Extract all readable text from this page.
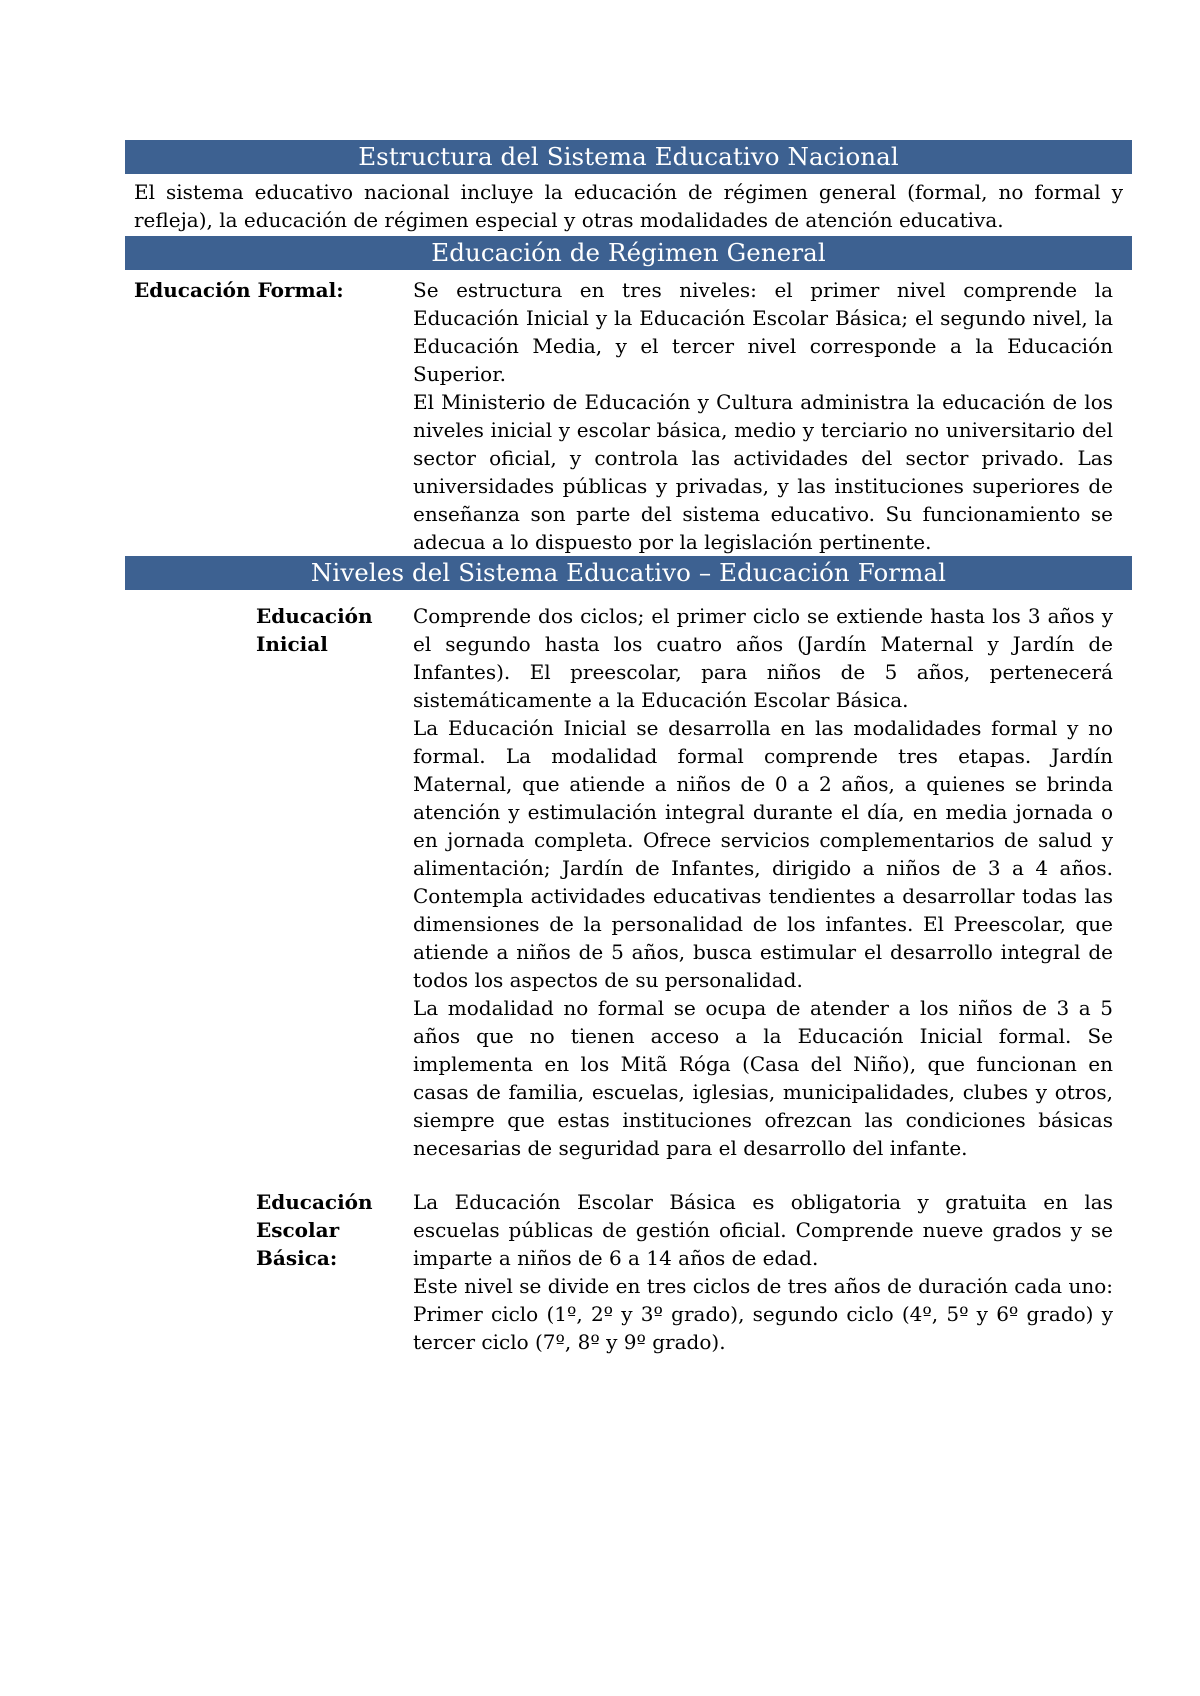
Estructura del Sistema Educativo Nacional

El sistema educativo nacional incluye la educación de régimen general (formal, no formal y refleja), la educación de régimen especial y otras modalidades de atención educativa.

Educación de Régimen General
Educación Formal:	Se estructura en tres niveles: el primer nivel comprende la Educación Inicial y la Educación Escolar Básica; el segundo nivel, la Educación Media, y el tercer nivel corresponde a la Educación Superior.

El Ministerio de Educación y Cultura administra la educación de los niveles inicial y escolar básica, medio y terciario no universitario del sector oficial, y controla las actividades del sector privado. Las universidades públicas y privadas, y las instituciones superiores de enseñanza son parte del sistema educativo. Su funcionamiento se adecua a lo dispuesto por la legislación pertinente.

Niveles del Sistema Educativo – Educación Formal
Educación Inicial

Comprende dos ciclos; el primer ciclo se extiende hasta los 3 años y el segundo hasta los cuatro años (Jardín Maternal y Jardín de Infantes). El preescolar, para niños de 5 años, pertenecerá sistemáticamente a la Educación Escolar Básica.

La Educación Inicial se desarrolla en las modalidades formal y no formal. La modalidad formal comprende tres etapas. Jardín Maternal, que atiende a niños de 0 a 2 años, a quienes se brinda atención y estimulación integral durante el día, en media jornada o en jornada completa. Ofrece servicios complementarios de salud y alimentación; Jardín de Infantes, dirigido a niños de 3 a 4 años. Contempla actividades educativas tendientes a desarrollar todas las dimensiones de la personalidad de los infantes. El Preescolar, que atiende a niños de 5 años, busca estimular el desarrollo integral de todos los aspectos de su personalidad.

La modalidad no formal se ocupa de atender a los niños de 3 a 5 años que no tienen acceso a la Educación Inicial formal. Se implementa en los Mitã Róga (Casa del Niño), que funcionan en casas de familia, escuelas, iglesias, municipalidades, clubes y otros, siempre que estas instituciones ofrezcan las condiciones básicas necesarias de seguridad para el desarrollo del infante.

Educación Escolar Básica:

La Educación Escolar Básica es obligatoria y gratuita en las escuelas públicas de gestión oficial. Comprende nueve grados y se imparte a niños de 6 a 14 años de edad.

Este nivel se divide en tres ciclos de tres años de duración cada uno: Primer ciclo (1º, 2º y 3º grado), segundo ciclo (4º, 5º y 6º grado) y tercer ciclo (7º, 8º y 9º grado).
